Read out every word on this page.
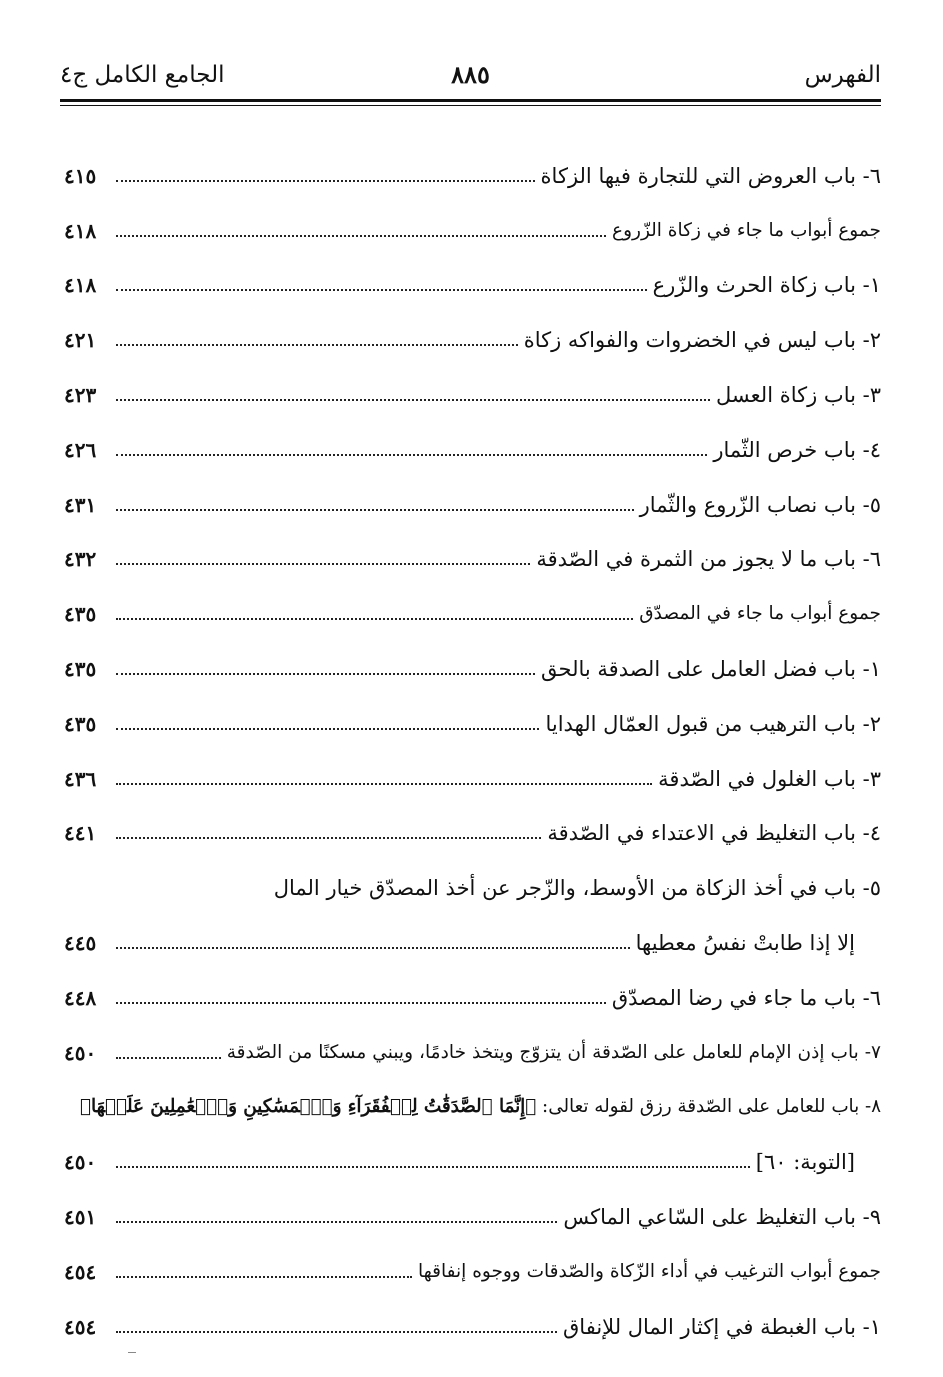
الفهرس
٨٨٥
الجامع الكامل ج٤
٦- باب العروض التي للتجارة فيها الزكاة
٤١٥
جموع أبواب ما جاء في زكاة الزّروع
٤١٨
١- باب زكاة الحرث والزّرع
٤١٨
٢- باب ليس في الخضروات والفواكه زكاة
٤٢١
٣- باب زكاة العسل
٤٢٣
٤- باب خرص الثّمار
٤٢٦
٥- باب نصاب الزّروع والثّمار
٤٣١
٦- باب ما لا يجوز من الثمرة في الصّدقة
٤٣٢
جموع أبواب ما جاء في المصدّق
٤٣٥
١- باب فضل العامل على الصدقة بالحق
٤٣٥
٢- باب الترهيب من قبول العمّال الهدايا
٤٣٥
٣- باب الغلول في الصّدقة
٤٣٦
٤- باب التغليظ في الاعتداء في الصّدقة
٤٤١
٥- باب في أخذ الزكاة من الأوسط، والزّجر عن أخذ المصدّق خيار المال
إلا إذا طابتْ نفسُ معطيها
٤٤٥
٦- باب ما جاء في رضا المصدّق
٤٤٨
٧- باب إذن الإمام للعامل على الصّدقة أن يتزوّج ويتخذ خادمًا، ويبني مسكنًا من الصّدقة
٤٥٠
٨- باب للعامل على الصّدقة رزق لقوله تعالى: ﴿إِنَّمَا ٱلصَّدَقَٰتُ لِلۡفُقَرَآءِ وَٱلۡمَسَٰكِينِ وَٱلۡعَٰمِلِينَ عَلَيۡهَا﴾
[التوبة: ٦٠]
٤٥٠
٩- باب التغليظ على السّاعي الماكس
٤٥١
جموع أبواب الترغيب في أداء الزّكاة والصّدقات ووجوه إنفاقها
٤٥٤
١- باب الغبطة في إكثار المال للإنفاق
٤٥٤
